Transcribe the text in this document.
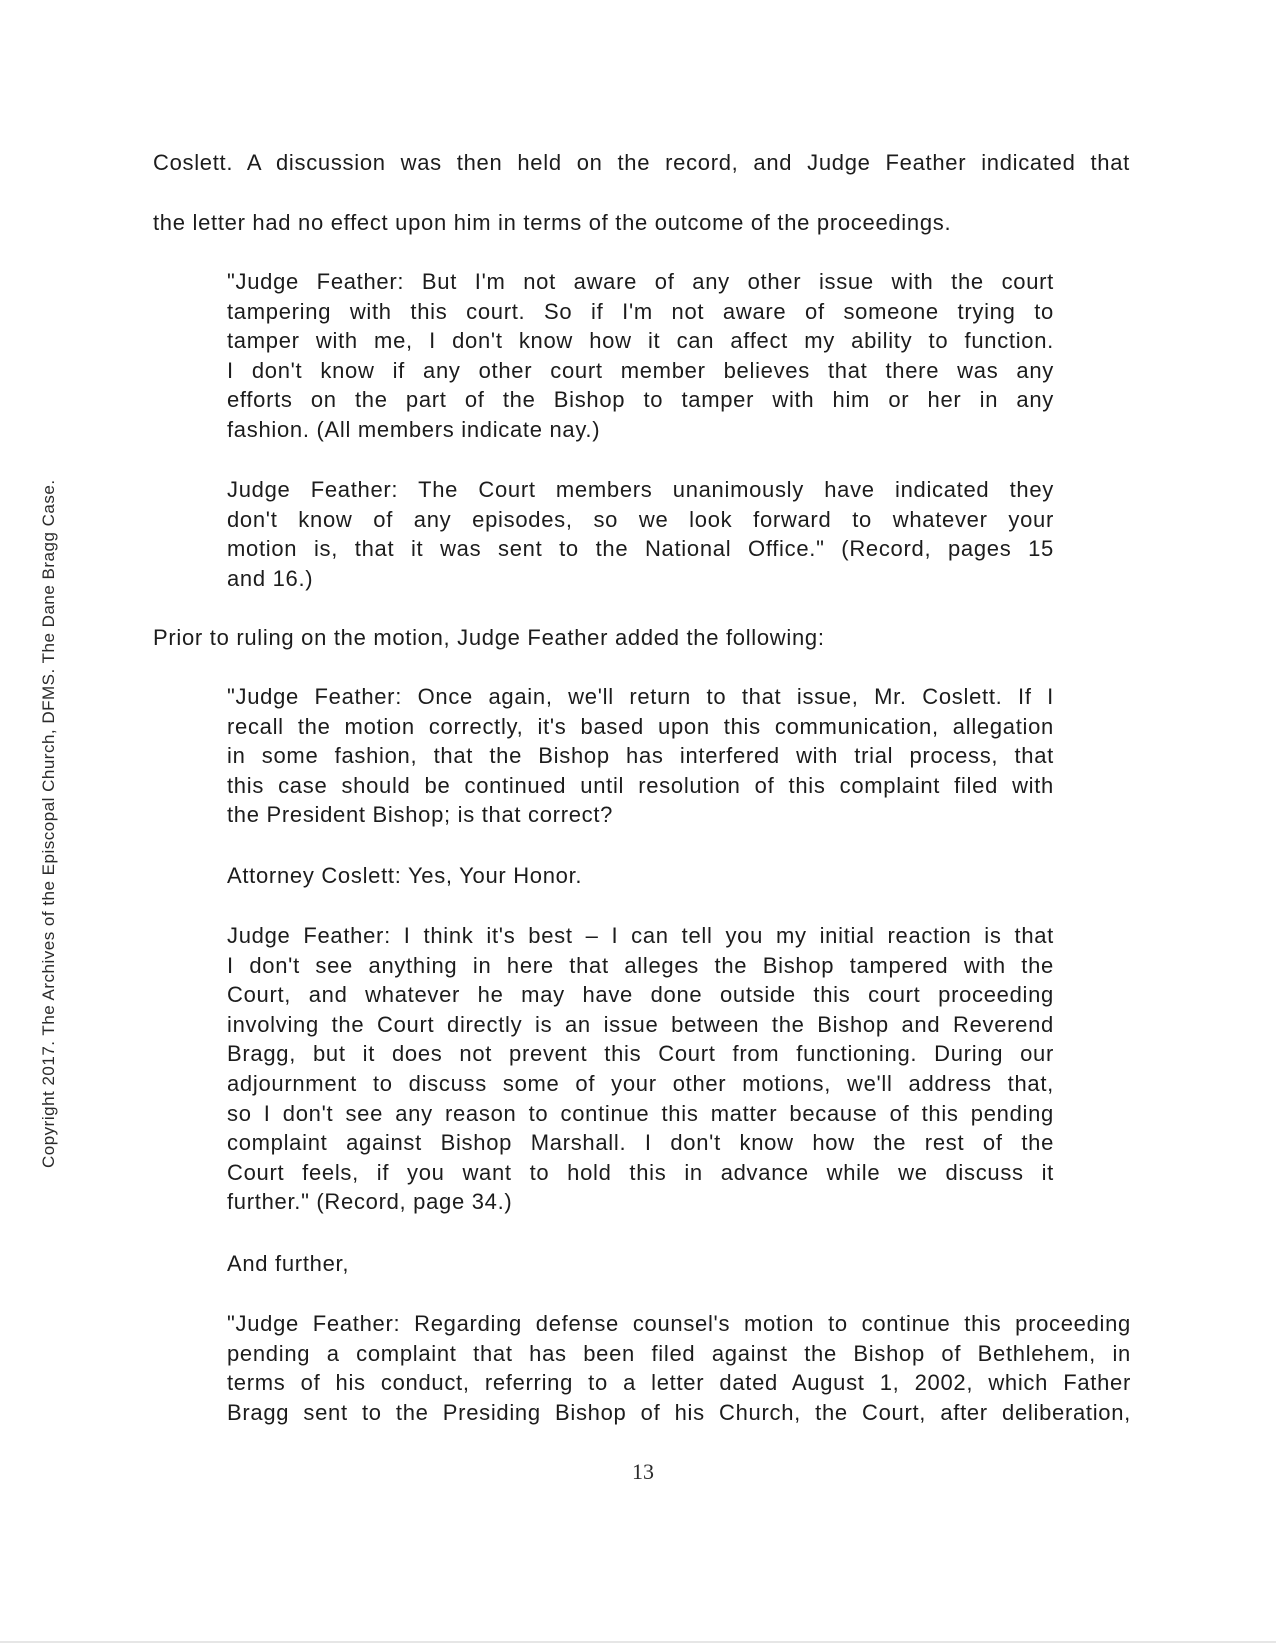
Copyright 2017. The Archives of the Episcopal Church, DFMS. The Dane Bragg Case.
Coslett. A discussion was then held on the record, and Judge Feather indicated that
the letter had no effect upon him in terms of the outcome of the proceedings.
"Judge Feather: But I'm not aware of any other issue with the court
tampering with this court. So if I'm not aware of someone trying to
tamper with me, I don't know how it can affect my ability to function.
I don't know if any other court member believes that there was any
efforts on the part of the Bishop to tamper with him or her in any
fashion. (All members indicate nay.)
Judge Feather: The Court members unanimously have indicated they
don't know of any episodes, so we look forward to whatever your
motion is, that it was sent to the National Office." (Record, pages 15
and 16.)
Prior to ruling on the motion, Judge Feather added the following:
"Judge Feather: Once again, we'll return to that issue, Mr. Coslett. If I
recall the motion correctly, it's based upon this communication, allegation
in some fashion, that the Bishop has interfered with trial process, that
this case should be continued until resolution of this complaint filed with
the President Bishop; is that correct?
Attorney Coslett: Yes, Your Honor.
Judge Feather: I think it's best – I can tell you my initial reaction is that
I don't see anything in here that alleges the Bishop tampered with the
Court, and whatever he may have done outside this court proceeding
involving the Court directly is an issue between the Bishop and Reverend
Bragg, but it does not prevent this Court from functioning. During our
adjournment to discuss some of your other motions, we'll address that,
so I don't see any reason to continue this matter because of this pending
complaint against Bishop Marshall. I don't know how the rest of the
Court feels, if you want to hold this in advance while we discuss it
further." (Record, page 34.)
And further,
"Judge Feather: Regarding defense counsel's motion to continue this proceeding
pending a complaint that has been filed against the Bishop of Bethlehem, in
terms of his conduct, referring to a letter dated August 1, 2002, which Father
Bragg sent to the Presiding Bishop of his Church, the Court, after deliberation,
13
